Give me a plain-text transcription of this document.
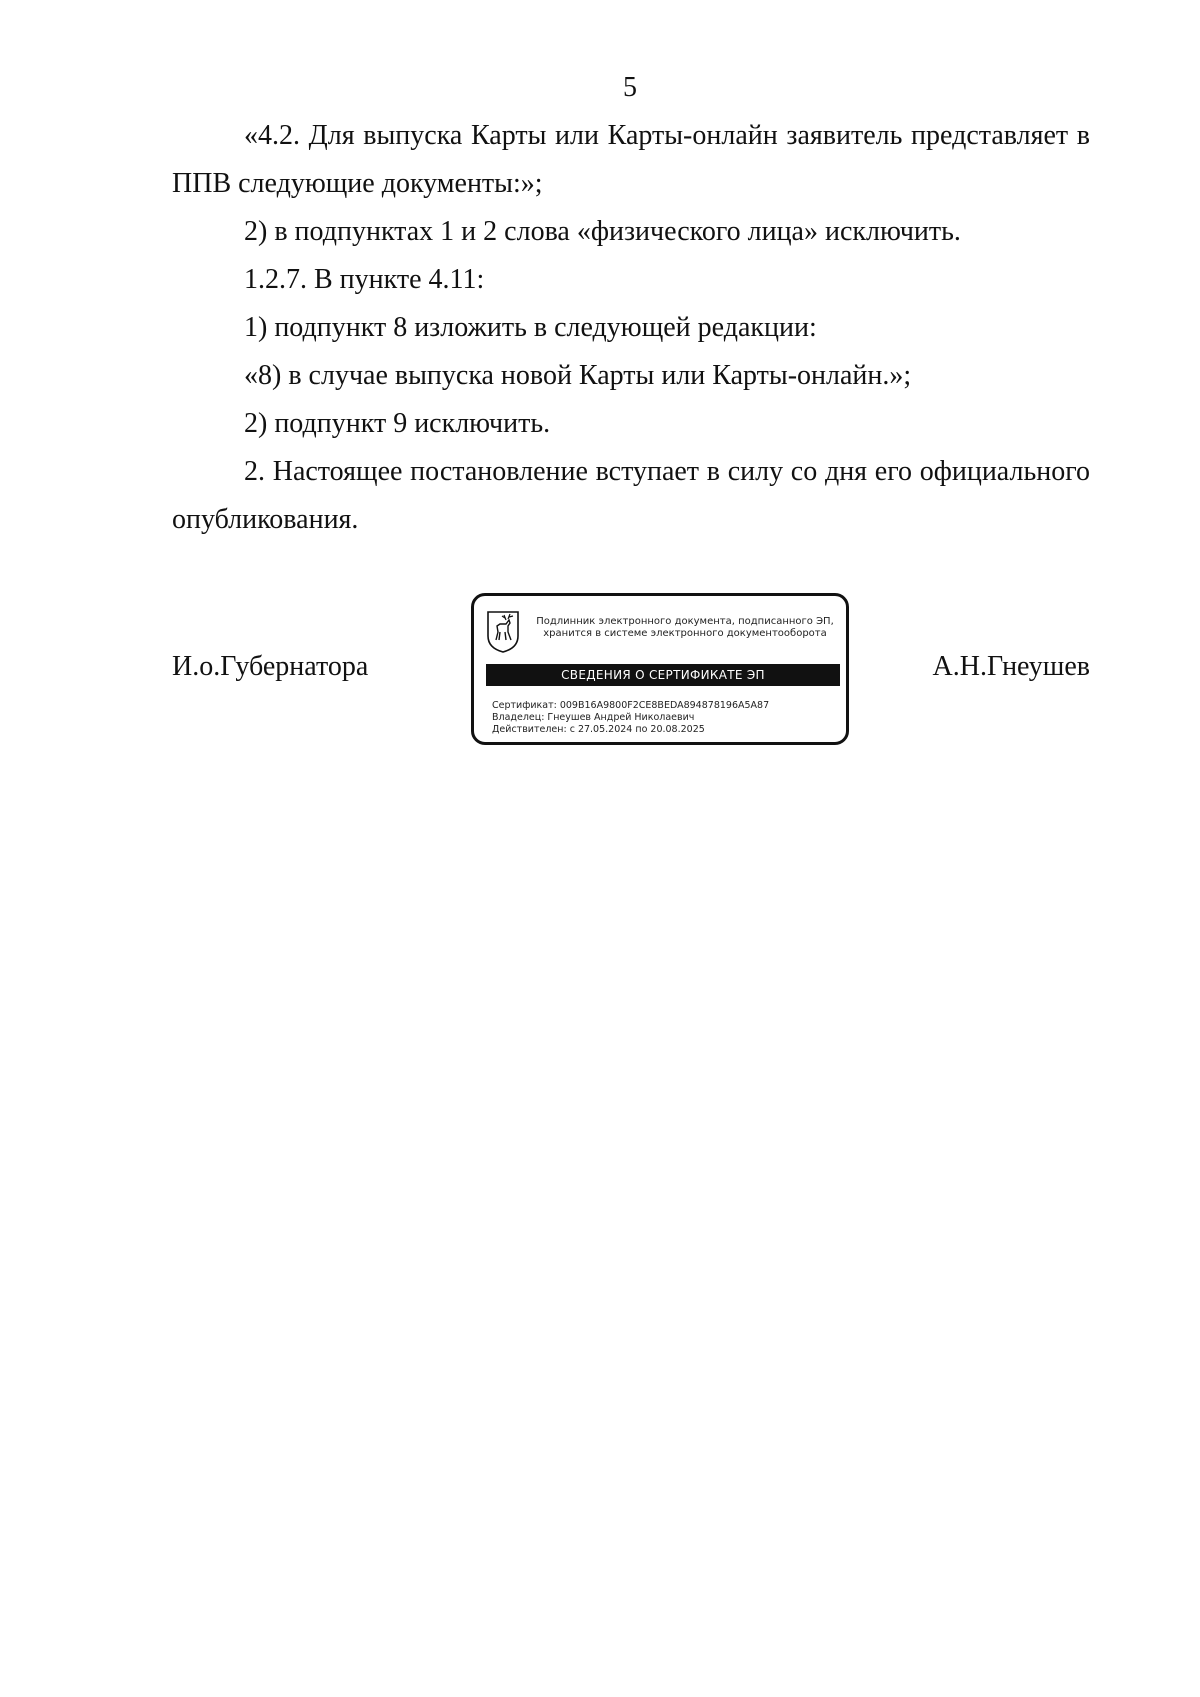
5

«4.2. Для выпуска Карты или Карты-онлайн заявитель представляет в ППВ следующие документы:»;

2) в подпунктах 1 и 2 слова «физического лица» исключить.

1.2.7. В пункте 4.11:

1) подпункт 8 изложить в следующей редакции:

«8) в случае выпуска новой Карты или Карты-онлайн.»;

2) подпункт 9 исключить.

2. Настоящее постановление вступает в силу со дня его официального опубликования.

И.о.Губернатора
Подлинник электронного документа, подписанного ЭП,
хранится в системе электронного документооборота
СВЕДЕНИЯ О СЕРТИФИКАТЕ ЭП
Сертификат: 009B16A9800F2CE8BEDA894878196A5A87
Владелец: Гнеушев Андрей Николаевич
Действителен: с 27.05.2024 по 20.08.2025
А.Н.Гнеушев
